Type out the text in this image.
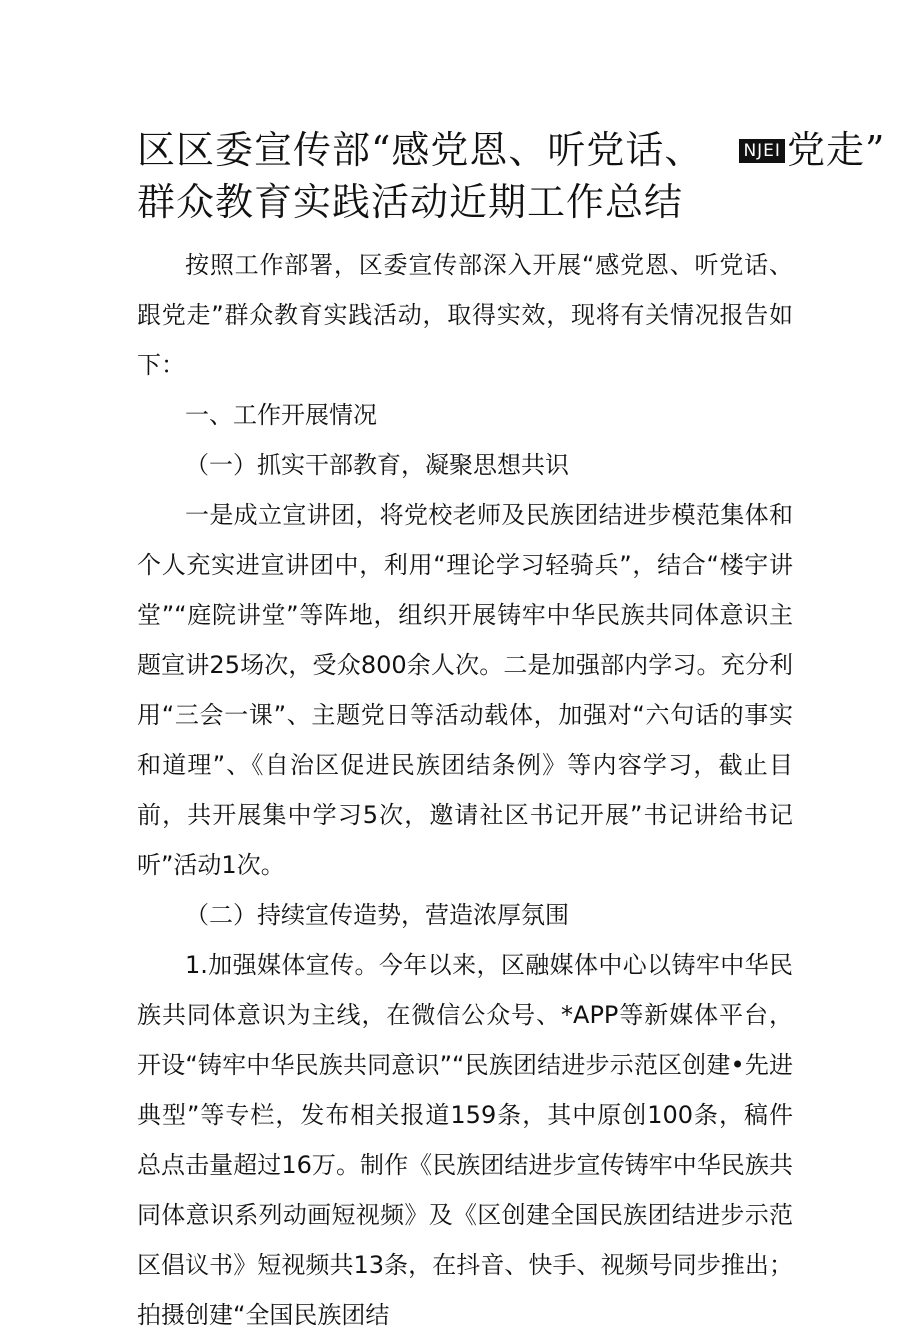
区区委宣传部“感党恩、听党话、 NJEI 党走”
群众教育实践活动近期工作总结

按照工作部署，区委宣传部深入开展“感党恩、听党话、跟党走”群众教育实践活动，取得实效，现将有关情况报告如下：

一、工作开展情况

（一）抓实干部教育，凝聚思想共识

一是成立宣讲团，将党校老师及民族团结进步模范集体和个人充实进宣讲团中，利用“理论学习轻骑兵”，结合“楼宇讲堂”“庭院讲堂”等阵地，组织开展铸牢中华民族共同体意识主题宣讲25场次，受众800余人次。二是加强部内学习。充分利用“三会一课”、主题党日等活动载体，加强对“六句话的事实和道理”、《自治区促进民族团结条例》等内容学习，截止目前，共开展集中学习5次，邀请社区书记开展”书记讲给书记听”活动1次。

（二）持续宣传造势，营造浓厚氛围

1.加强媒体宣传。今年以来，区融媒体中心以铸牢中华民族共同体意识为主线，在微信公众号、*APP等新媒体平台，开设“铸牢中华民族共同意识”“民族团结进步示范区创建•先进典型”等专栏，发布相关报道159条，其中原创100条，稿件总点击量超过16万。制作《民族团结进步宣传铸牢中华民族共同体意识系列动画短视频》及《区创建全国民族团结进步示范区倡议书》短视频共13条，在抖音、快手、视频号同步推出；拍摄创建“全国民族团结
